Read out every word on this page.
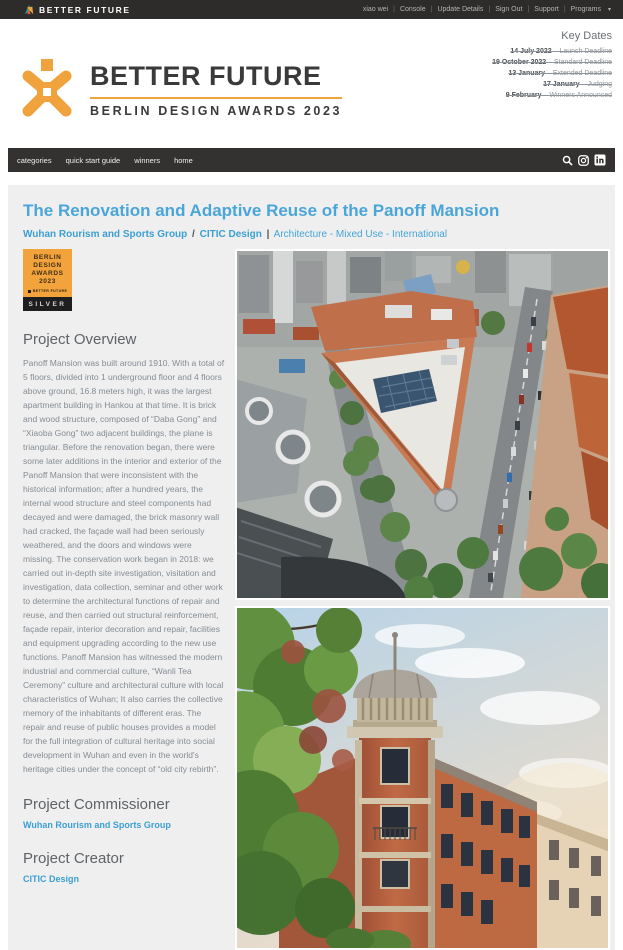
BETTER FUTURE	xiao wei | Console | Update Details | Sign Out | Support | Programs ▾
BETTER FUTURE
BERLIN DESIGN AWARDS 2023
Key Dates
14 July 2022 – Launch Deadline
19 October 2022 – Standard Deadline
13 January – Extended Deadline
17 January – Judging
9 February – Winners Announced
categories quick start guide winners home
The Renovation and Adaptive Reuse of the Panoff Mansion
Wuhan Rourism and Sports Group / CITIC Design | Architecture - Mixed Use - International
BERLIN
DESIGN
AWARDS
2023
BETTER FUTURE
SILVER
Project Overview

Panoff Mansion was built around 1910. With a total of 5 floors, divided into 1 underground floor and 4 floors above ground, 16.8 meters high, it was the largest apartment building in Hankou at that time. It is brick and wood structure, composed of “Daba Gong” and “Xiaoba Gong” two adjacent buildings, the plane is triangular. Before the renovation began, there were some later additions in the interior and exterior of the Panoff Mansion that were inconsistent with the historical information; after a hundred years, the internal wood structure and steel components had decayed and were damaged, the brick masonry wall had cracked, the façade wall had been seriously weathered, and the doors and windows were missing. The conservation work began in 2018: we carried out in-depth site investigation, visitation and investigation, data collection, seminar and other work to determine the architectural functions of repair and reuse, and then carried out structural reinforcement, façade repair, interior decoration and repair, facilities and equipment upgrading according to the new use functions. Panoff Mansion has witnessed the modern industrial and commercial culture, “Wanli Tea Ceremony” culture and architectural culture with local characteristics of Wuhan; It also carries the collective memory of the inhabitants of different eras. The repair and reuse of public houses provides a model for the full integration of cultural heritage into social development in Wuhan and even in the world's heritage cities under the concept of “old city rebirth”.

Project Commissioner
Wuhan Rourism and Sports Group
Project Creator
CITIC Design
